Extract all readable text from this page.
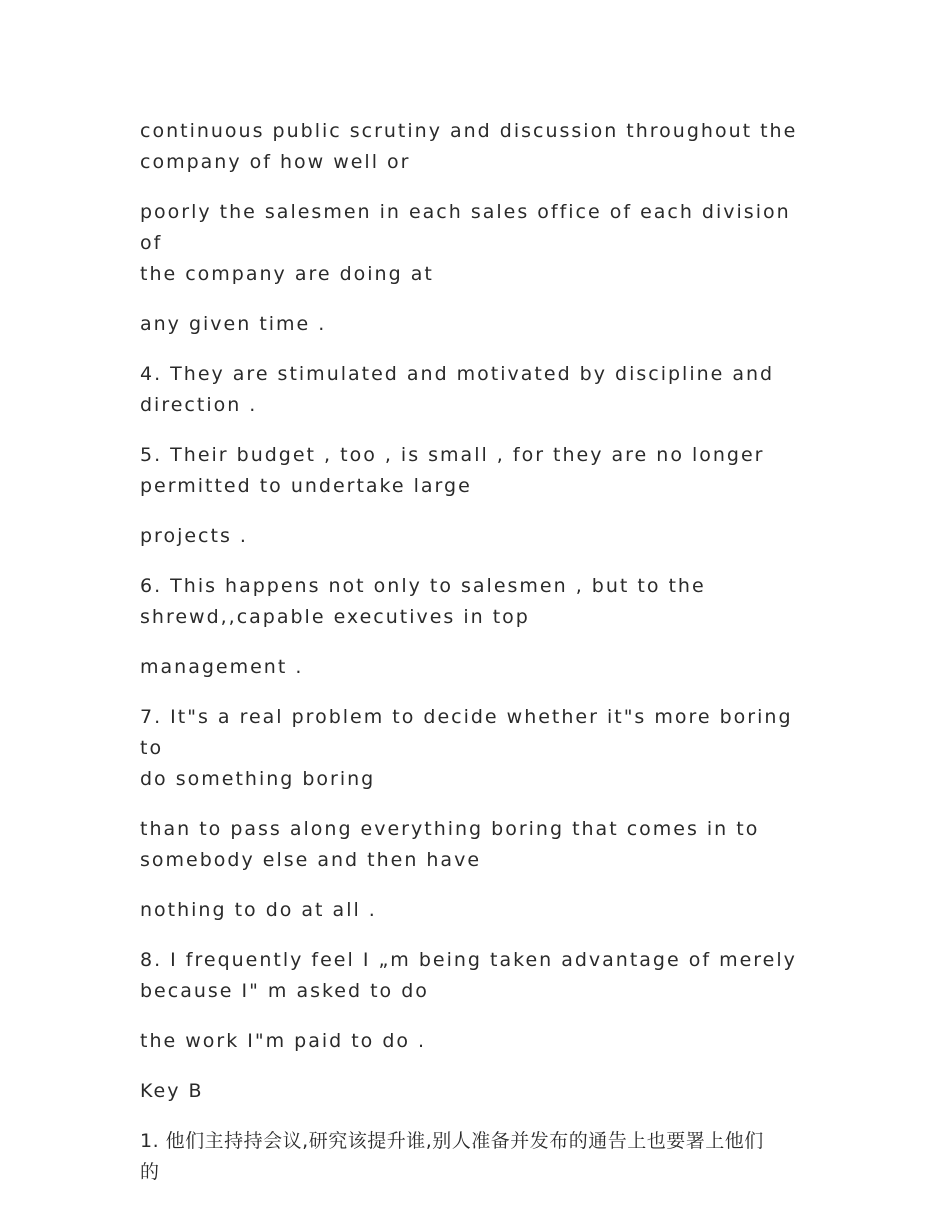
continuous public scrutiny and discussion throughout the
company of how well or

poorly the salesmen in each sales office of each division of
the company are doing at

any given time .

4. They are stimulated and motivated by discipline and
direction .

5. Their budget , too , is small , for they are no longer
permitted to undertake large

projects .

6. This happens not only to salesmen , but to the
shrewd,,capable executives in top

management .

7. It"s a real problem to decide whether it"s more boring to
do something boring

than to pass along everything boring that comes in to
somebody else and then have

nothing to do at all .

8. I frequently feel I „m being taken advantage of merely
because I" m asked to do

the work I"m paid to do .

Key B

1. 他们主持持会议,研究该提升谁,别人准备并发布的通告上也要署上他们
的
